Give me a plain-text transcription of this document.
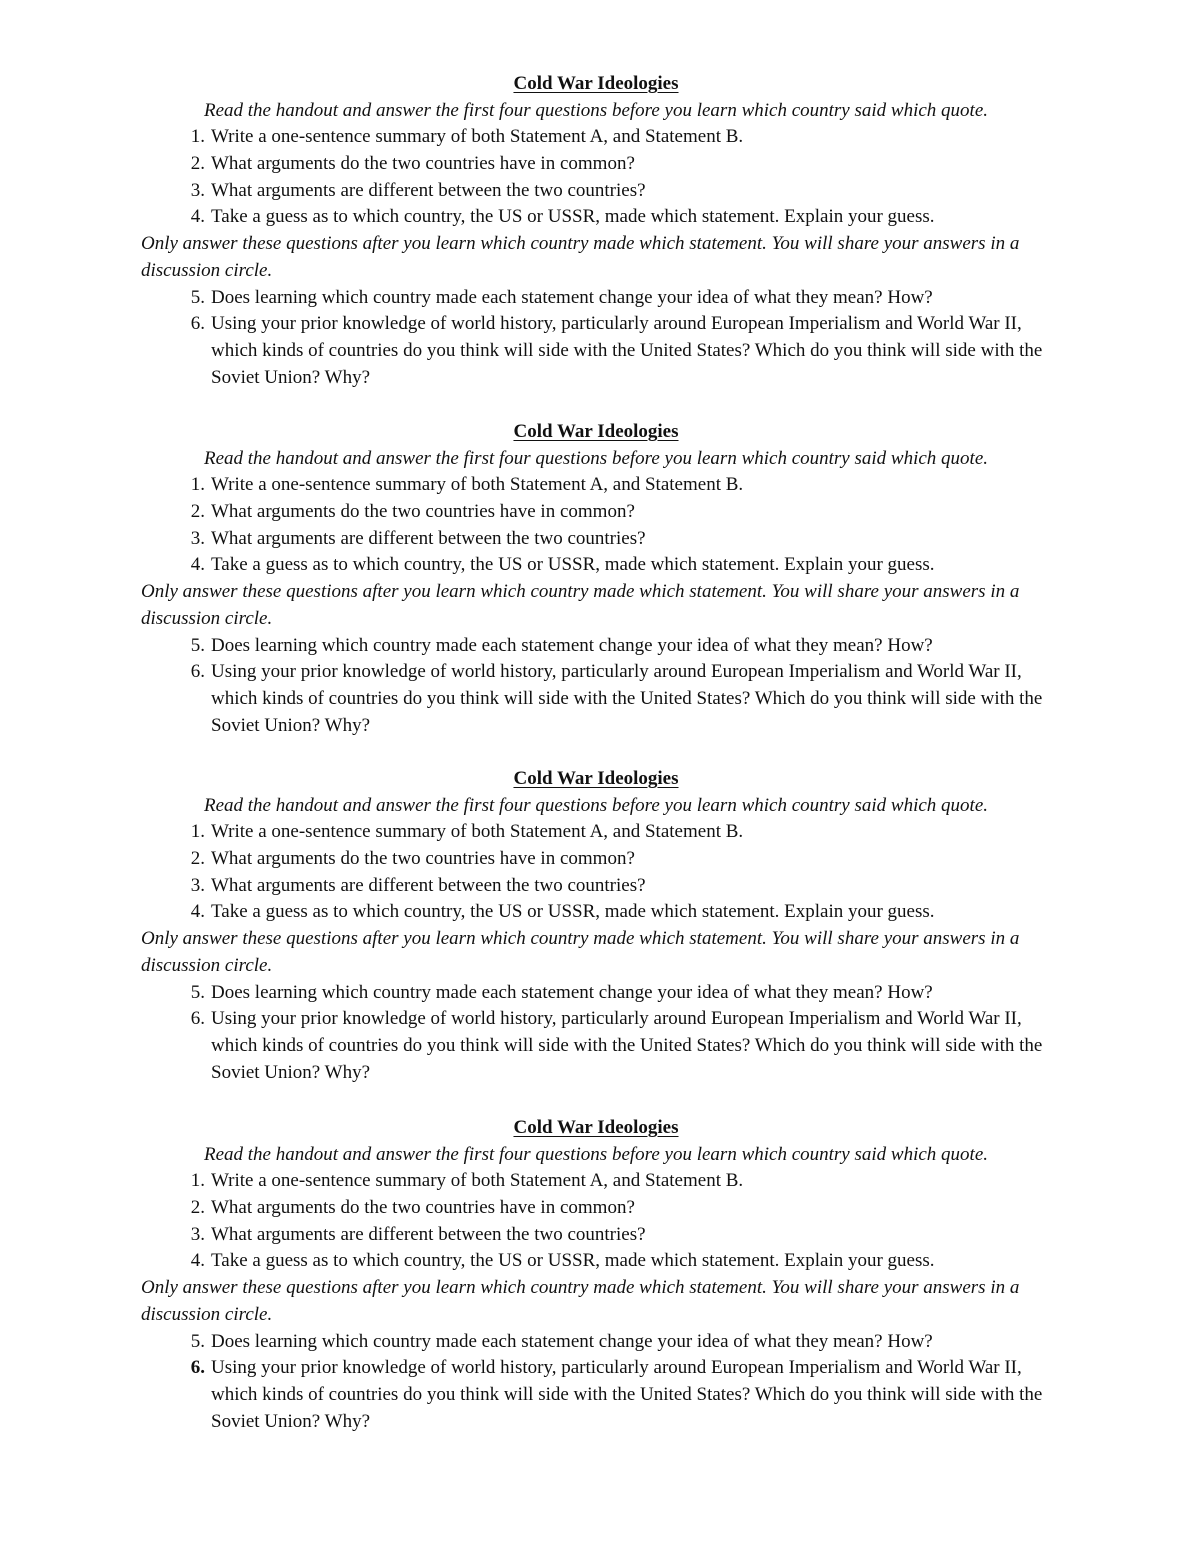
Cold War Ideologies

Read the handout and answer the first four questions before you learn which country said which quote.

1. Write a one-sentence summary of both Statement A, and Statement B.
2. What arguments do the two countries have in common?
3. What arguments are different between the two countries?
4. Take a guess as to which country, the US or USSR, made which statement. Explain your guess.

Only answer these questions after you learn which country made which statement. You will share your answers in a discussion circle.

5. Does learning which country made each statement change your idea of what they mean? How?
6. Using your prior knowledge of world history, particularly around European Imperialism and World War II, which kinds of countries do you think will side with the United States? Which do you think will side with the Soviet Union? Why?

Cold War Ideologies

Read the handout and answer the first four questions before you learn which country said which quote.

1. Write a one-sentence summary of both Statement A, and Statement B.
2. What arguments do the two countries have in common?
3. What arguments are different between the two countries?
4. Take a guess as to which country, the US or USSR, made which statement. Explain your guess.

Only answer these questions after you learn which country made which statement. You will share your answers in a discussion circle.

5. Does learning which country made each statement change your idea of what they mean? How?
6. Using your prior knowledge of world history, particularly around European Imperialism and World War II, which kinds of countries do you think will side with the United States? Which do you think will side with the Soviet Union? Why?

Cold War Ideologies

Read the handout and answer the first four questions before you learn which country said which quote.

1. Write a one-sentence summary of both Statement A, and Statement B.
2. What arguments do the two countries have in common?
3. What arguments are different between the two countries?
4. Take a guess as to which country, the US or USSR, made which statement. Explain your guess.

Only answer these questions after you learn which country made which statement. You will share your answers in a discussion circle.

5. Does learning which country made each statement change your idea of what they mean? How?
6. Using your prior knowledge of world history, particularly around European Imperialism and World War II, which kinds of countries do you think will side with the United States? Which do you think will side with the Soviet Union? Why?

Cold War Ideologies

Read the handout and answer the first four questions before you learn which country said which quote.

1. Write a one-sentence summary of both Statement A, and Statement B.
2. What arguments do the two countries have in common?
3. What arguments are different between the two countries?
4. Take a guess as to which country, the US or USSR, made which statement. Explain your guess.

Only answer these questions after you learn which country made which statement. You will share your answers in a discussion circle.

5. Does learning which country made each statement change your idea of what they mean? How?
6. Using your prior knowledge of world history, particularly around European Imperialism and World War II, which kinds of countries do you think will side with the United States? Which do you think will side with the Soviet Union? Why?
